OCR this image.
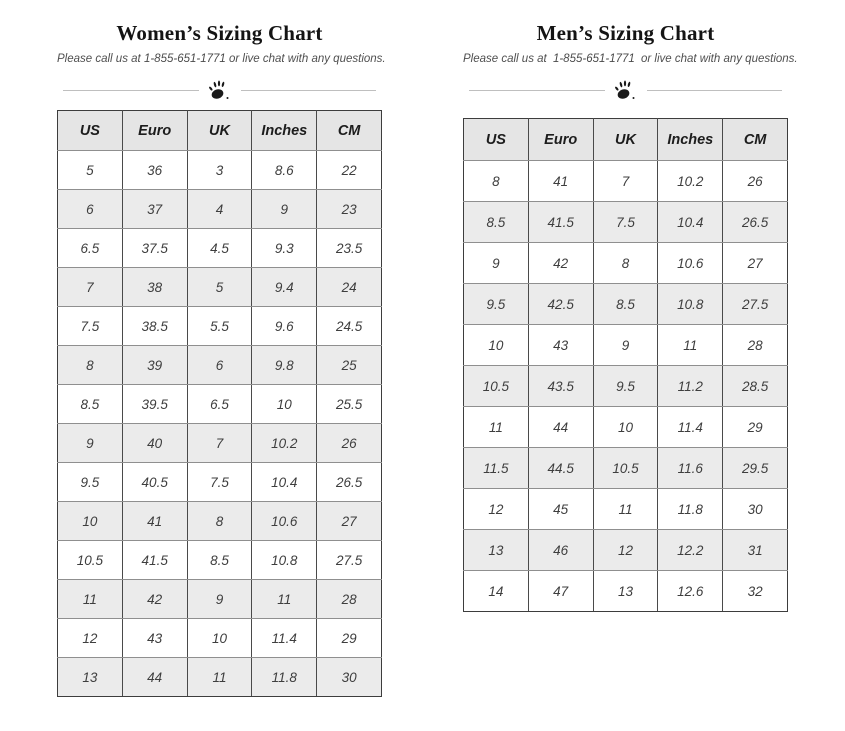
Women’s Sizing Chart

Please call us at 1-855-651-1771 or live chat with any questions.

US	Euro	UK	Inches	CM
5	36	3	8.6	22
6	37	4	9	23
6.5	37.5	4.5	9.3	23.5
7	38	5	9.4	24
7.5	38.5	5.5	9.6	24.5
8	39	6	9.8	25
8.5	39.5	6.5	10	25.5
9	40	7	10.2	26
9.5	40.5	7.5	10.4	26.5
10	41	8	10.6	27
10.5	41.5	8.5	10.8	27.5
11	42	9	11	28
12	43	10	11.4	29
13	44	11	11.8	30
Men’s Sizing Chart

Please call us at 1-855-651-1771 or live chat with any questions.

US	Euro	UK	Inches	CM
8	41	7	10.2	26
8.5	41.5	7.5	10.4	26.5
9	42	8	10.6	27
9.5	42.5	8.5	10.8	27.5
10	43	9	11	28
10.5	43.5	9.5	11.2	28.5
11	44	10	11.4	29
11.5	44.5	10.5	11.6	29.5
12	45	11	11.8	30
13	46	12	12.2	31
14	47	13	12.6	32
